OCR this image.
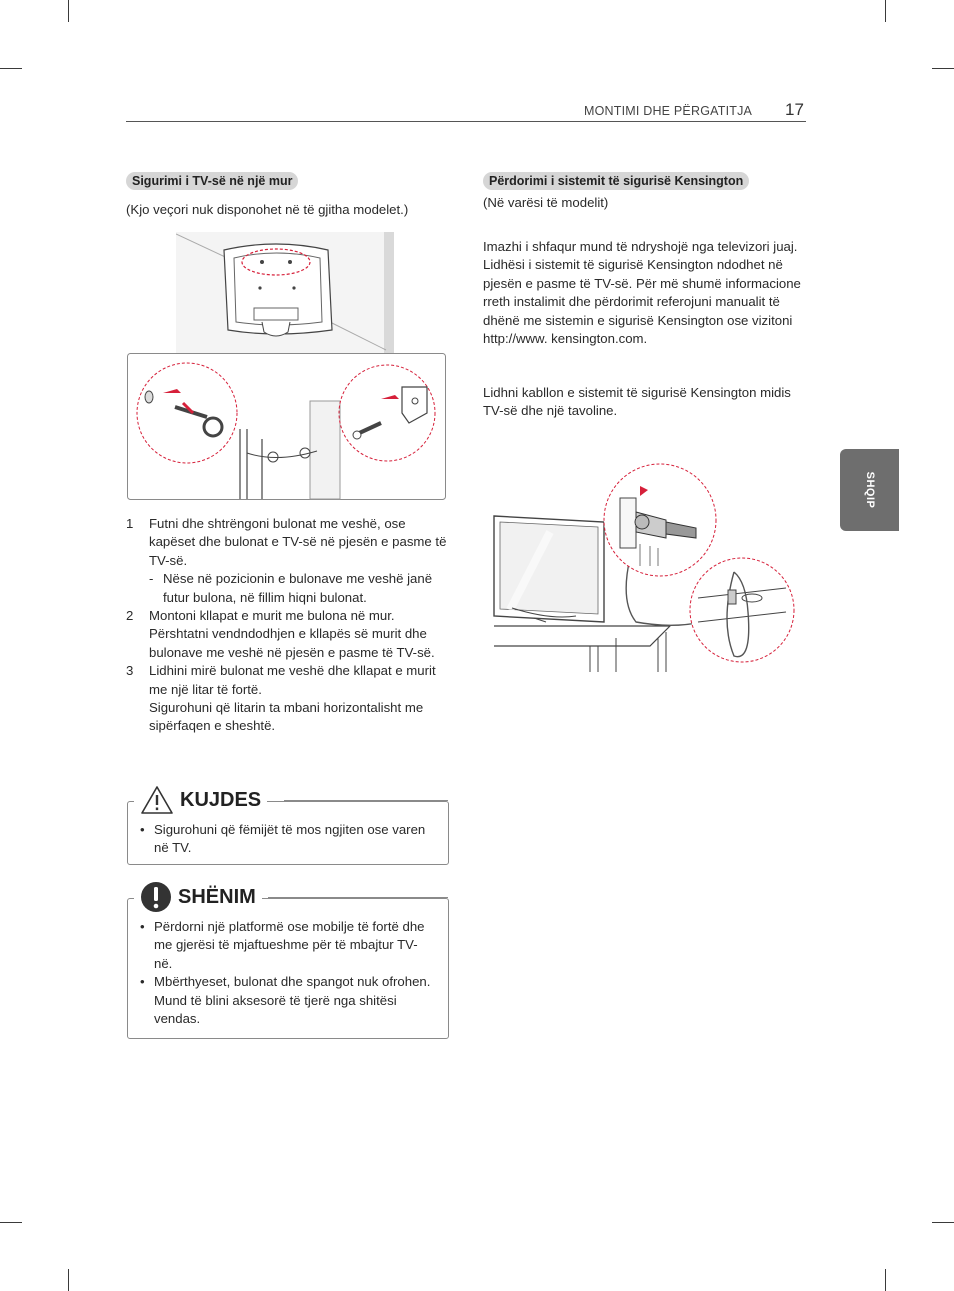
MONTIMI DHE PËRGATITJA 17
SHQIP
Sigurimi i TV-së në një mur

(Kjo veçori nuk disponohet në të gjitha modelet.)

1 Futni dhe shtrëngoni bulonat me veshë, ose kapëset dhe bulonat e TV-së në pjesën e pasme të TV-së.
- Nëse në pozicionin e bulonave me veshë janë futur bulona, në fillim hiqni bulonat.
2 Montoni kllapat e murit me bulona në mur. Përshtatni vendndodhjen e kllapës së murit dhe bulonave me veshë në pjesën e pasme të TV-së.
3 Lidhini mirë bulonat me veshë dhe kllapat e murit me një litar të fortë.
Sigurohuni që litarin ta mbani horizontalisht me sipërfaqen e sheshtë.
KUJDES
• Sigurohuni që fëmijët të mos ngjiten ose varen në TV.
SHËNIM
• Përdorni një platformë ose mobilje të fortë dhe me gjerësi të mjaftueshme për të mbajtur TV-në.
• Mbërthyeset, bulonat dhe spangot nuk ofrohen. Mund të blini aksesorë të tjerë nga shitësi vendas.
Përdorimi i sistemit të sigurisë Kensington

(Në varësi të modelit)

Imazhi i shfaqur mund të ndryshojë nga televizori juaj. Lidhësi i sistemit të sigurisë Kensington ndodhet në pjesën e pasme të TV-së. Për më shumë informacione rreth instalimit dhe përdorimit referojuni manualit të dhënë me sistemin e sigurisë Kensington ose vizitoni http://www. kensington.com.

Lidhni kabllon e sistemit të sigurisë Kensington midis TV-së dhe një tavoline.
